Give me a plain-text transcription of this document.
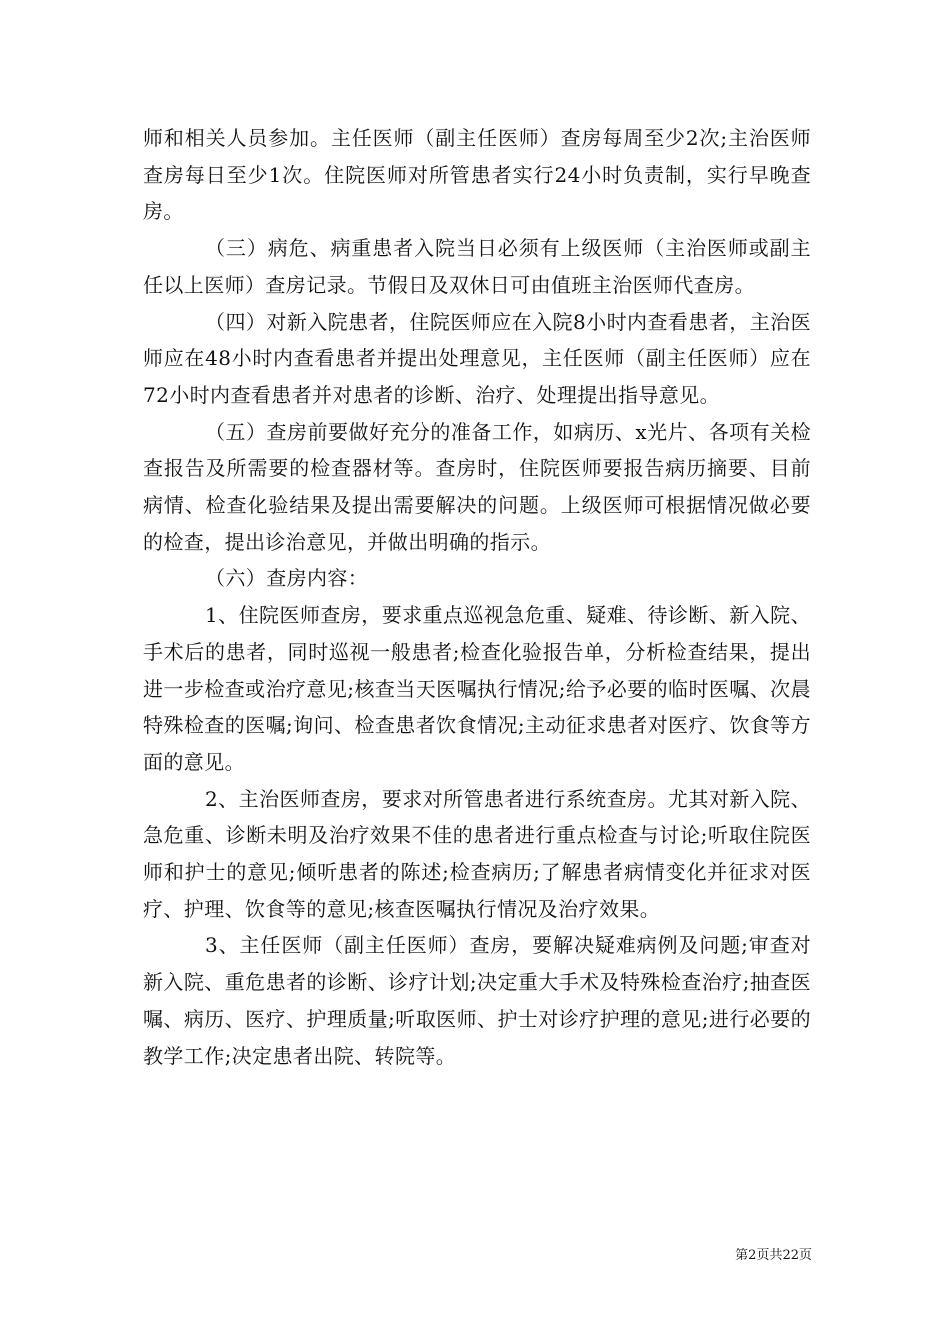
师和相关人员参加。主任医师（副主任医师）查房每周至少2次;主治医师查房每日至少1次。住院医师对所管患者实行24小时负责制，实行早晚查房。

（三）病危、病重患者入院当日必须有上级医师（主治医师或副主任以上医师）查房记录。节假日及双休日可由值班主治医师代查房。

（四）对新入院患者，住院医师应在入院8小时内查看患者，主治医师应在48小时内查看患者并提出处理意见，主任医师（副主任医师）应在72小时内查看患者并对患者的诊断、治疗、处理提出指导意见。

（五）查房前要做好充分的准备工作，如病历、x光片、各项有关检查报告及所需要的检查器材等。查房时，住院医师要报告病历摘要、目前病情、检查化验结果及提出需要解决的问题。上级医师可根据情况做必要的检查，提出诊治意见，并做出明确的指示。

（六）查房内容：

1、住院医师查房，要求重点巡视急危重、疑难、待诊断、新入院、手术后的患者，同时巡视一般患者;检查化验报告单，分析检查结果，提出进一步检查或治疗意见;核查当天医嘱执行情况;给予必要的临时医嘱、次晨特殊检查的医嘱;询问、检查患者饮食情况;主动征求患者对医疗、饮食等方面的意见。

2、主治医师查房，要求对所管患者进行系统查房。尤其对新入院、急危重、诊断未明及治疗效果不佳的患者进行重点检查与讨论;听取住院医师和护士的意见;倾听患者的陈述;检查病历;了解患者病情变化并征求对医疗、护理、饮食等的意见;核查医嘱执行情况及治疗效果。

3、主任医师（副主任医师）查房，要解决疑难病例及问题;审查对新入院、重危患者的诊断、诊疗计划;决定重大手术及特殊检查治疗;抽查医嘱、病历、医疗、护理质量;听取医师、护士对诊疗护理的意见;进行必要的教学工作;决定患者出院、转院等。

第2页共22页
